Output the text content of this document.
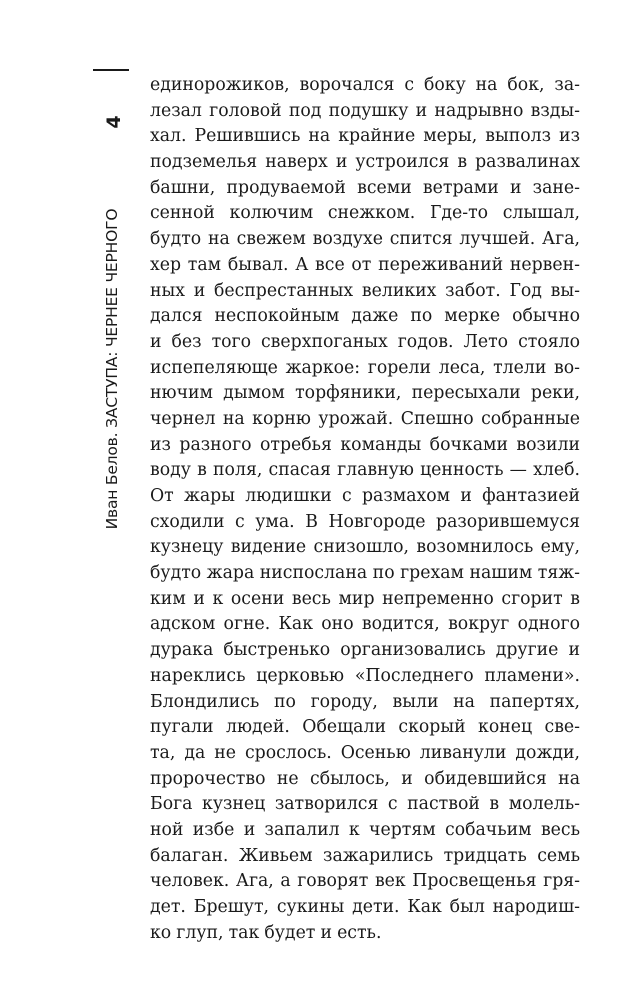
4
Иван Белов. ЗАСТУПА: ЧЕРНЕЕ ЧЕРНОГО
единорожиков, ворочался с боку на бок, за-
лезал головой под подушку и надрывно взды-
хал. Решившись на крайние меры, выполз из
подземелья наверх и устроился в развалинах
башни, продуваемой всеми ветрами и зане-
сенной колючим снежком. Где-то слышал,
будто на свежем воздухе спится лучшей. Ага,
хер там бывал. А все от переживаний нервен-
ных и беспрестанных великих забот. Год вы-
дался неспокойным даже по мерке обычно
и без того сверхпоганых годов. Лето стояло
испепеляюще жаркое: горели леса, тлели во-
нючим дымом торфяники, пересыхали реки,
чернел на корню урожай. Спешно собранные
из разного отребья команды бочками возили
воду в поля, спасая главную ценность — хлеб.
От жары людишки с размахом и фантазией
сходили с ума. В Новгороде разорившемуся
кузнецу видение снизошло, возомнилось ему,
будто жара ниспослана по грехам нашим тяж-
ким и к осени весь мир непременно сгорит в
адском огне. Как оно водится, вокруг одного
дурака быстренько организовались другие и
нареклись церковью «Последнего пламени».
Блондились по городу, выли на папертях,
пугали людей. Обещали скорый конец све-
та, да не срослось. Осенью ливанули дожди,
пророчество не сбылось, и обидевшийся на
Бога кузнец затворился с паствой в молель-
ной избе и запалил к чертям собачьим весь
балаган. Живьем зажарились тридцать семь
человек. Ага, а говорят век Просвещенья гря-
дет. Брешут, сукины дети. Как был народиш-
ко глуп, так будет и есть.
